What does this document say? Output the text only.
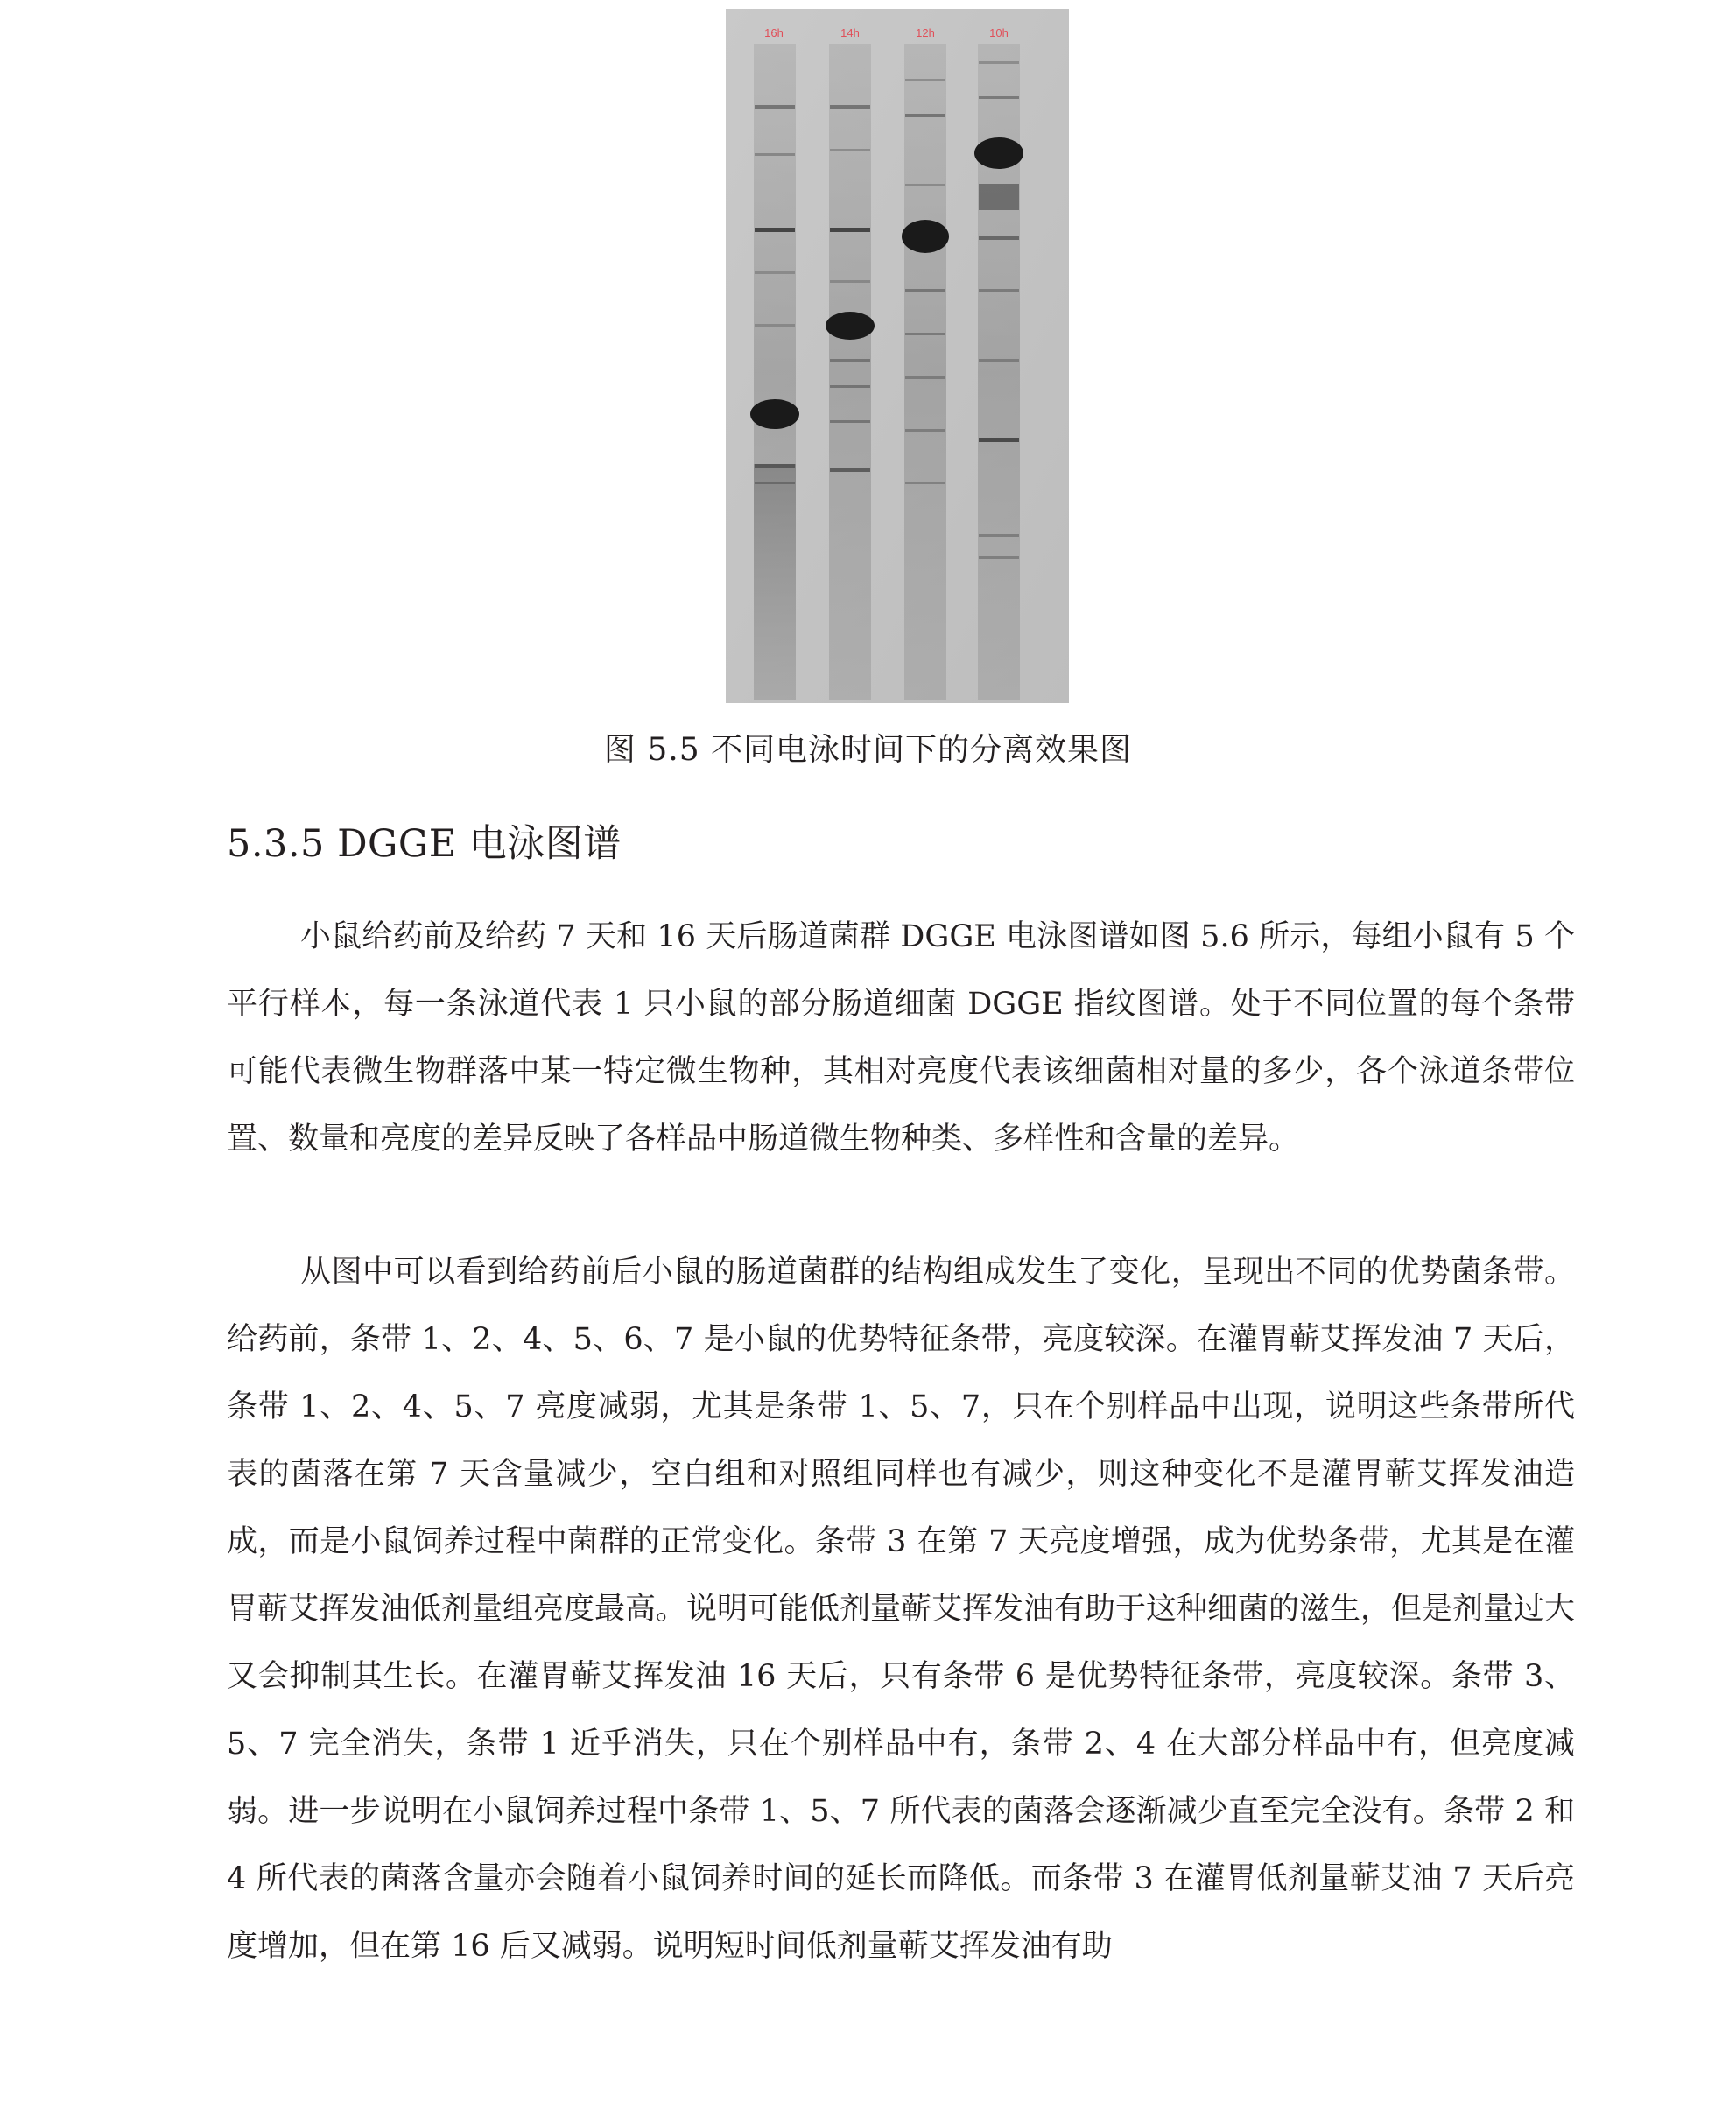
16h	14h	12h	10h
图 5.5 不同电泳时间下的分离效果图
5.3.5 DGGE 电泳图谱

小鼠给药前及给药 7 天和 16 天后肠道菌群 DGGE 电泳图谱如图 5.6 所示，每组小鼠有 5 个平行样本，每一条泳道代表 1 只小鼠的部分肠道细菌 DGGE 指纹图谱。处于不同位置的每个条带可能代表微生物群落中某一特定微生物种，其相对亮度代表该细菌相对量的多少，各个泳道条带位置、数量和亮度的差异反映了各样品中肠道微生物种类、多样性和含量的差异。

从图中可以看到给药前后小鼠的肠道菌群的结构组成发生了变化，呈现出不同的优势菌条带。给药前，条带 1、2、4、5、6、7 是小鼠的优势特征条带，亮度较深。在灌胃蕲艾挥发油 7 天后，条带 1、2、4、5、7 亮度减弱，尤其是条带 1、5、7，只在个别样品中出现，说明这些条带所代表的菌落在第 7 天含量减少，空白组和对照组同样也有减少，则这种变化不是灌胃蕲艾挥发油造成，而是小鼠饲养过程中菌群的正常变化。条带 3 在第 7 天亮度增强，成为优势条带，尤其是在灌胃蕲艾挥发油低剂量组亮度最高。说明可能低剂量蕲艾挥发油有助于这种细菌的滋生，但是剂量过大又会抑制其生长。在灌胃蕲艾挥发油 16 天后，只有条带 6 是优势特征条带，亮度较深。条带 3、5、7 完全消失，条带 1 近乎消失，只在个别样品中有，条带 2、4 在大部分样品中有，但亮度减弱。进一步说明在小鼠饲养过程中条带 1、5、7 所代表的菌落会逐渐减少直至完全没有。条带 2 和 4 所代表的菌落含量亦会随着小鼠饲养时间的延长而降低。而条带 3 在灌胃低剂量蕲艾油 7 天后亮度增加，但在第 16 后又减弱。说明短时间低剂量蕲艾挥发油有助
